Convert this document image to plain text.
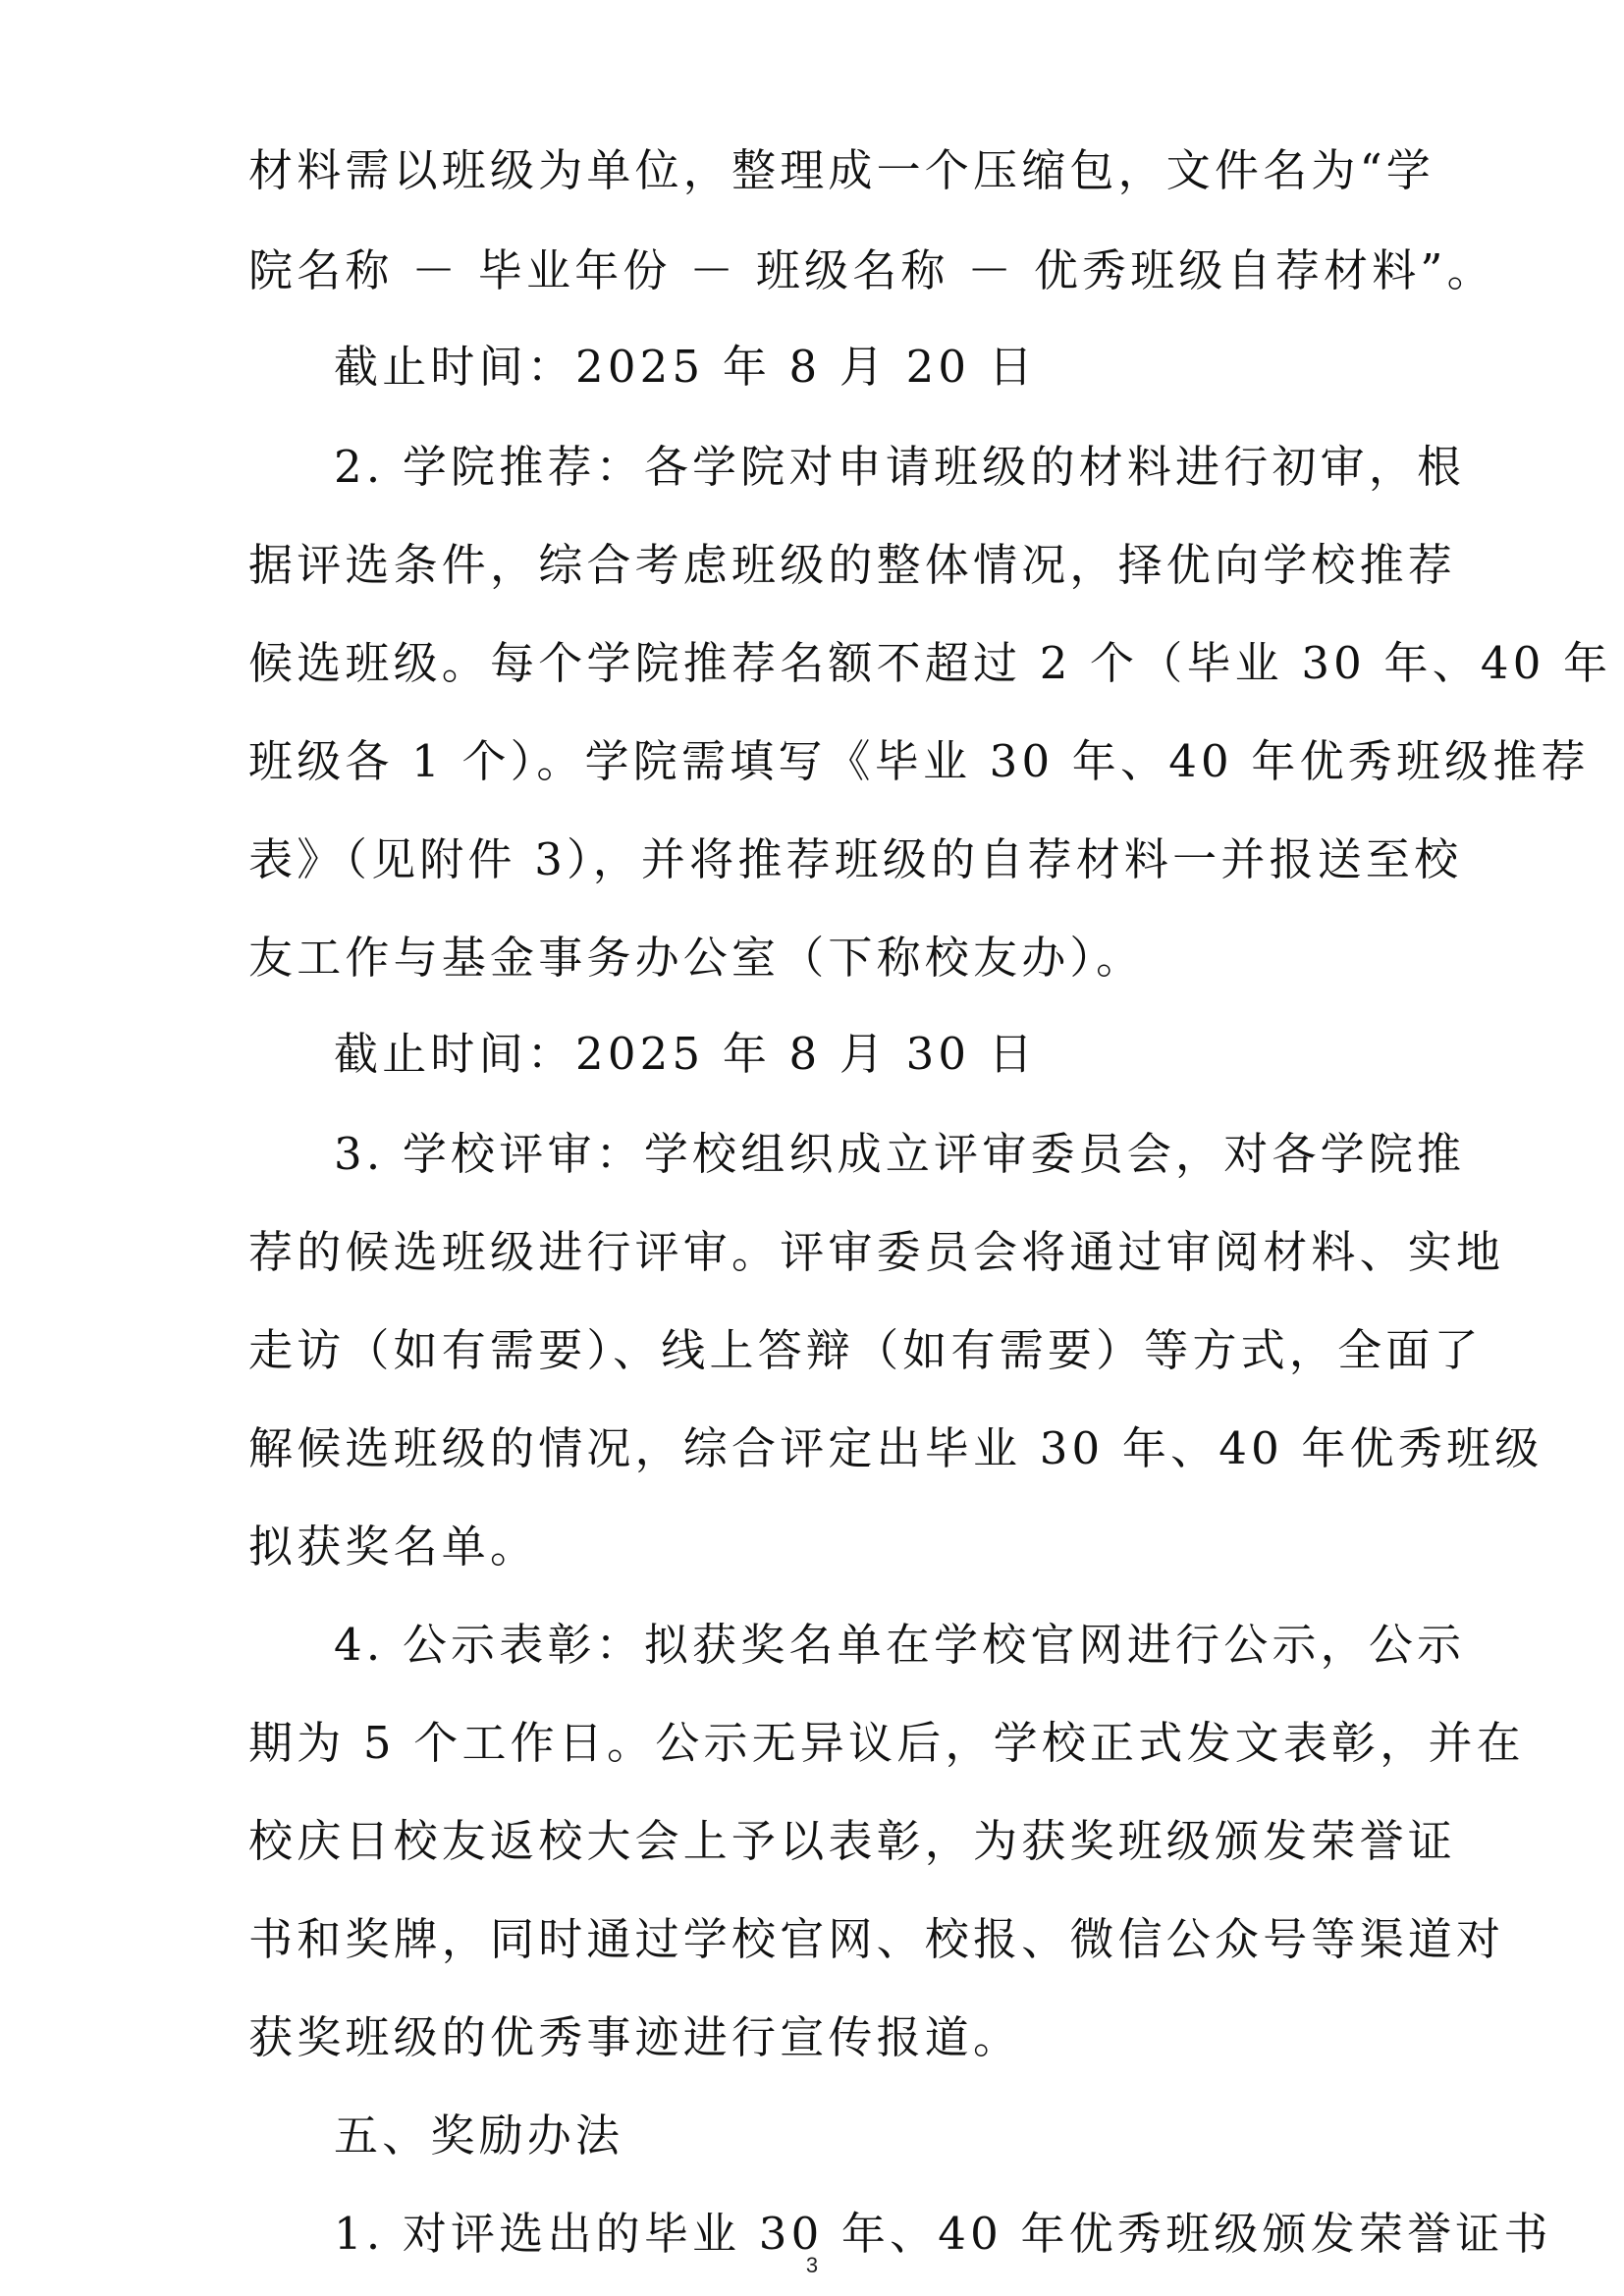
材料需以班级为单位，整理成一个压缩包，文件名为“学
院名称 － 毕业年份 － 班级名称 － 优秀班级自荐材料”。
截止时间：2025 年 8 月 20 日
2. 学院推荐：各学院对申请班级的材料进行初审，根
据评选条件，综合考虑班级的整体情况，择优向学校推荐
候选班级。每个学院推荐名额不超过 2 个（毕业 30 年、40 年
班级各 1 个）。学院需填写《毕业 30 年、40 年优秀班级推荐
表》（见附件 3），并将推荐班级的自荐材料一并报送至校
友工作与基金事务办公室（下称校友办）。
截止时间：2025 年 8 月 30 日
3. 学校评审：学校组织成立评审委员会，对各学院推
荐的候选班级进行评审。评审委员会将通过审阅材料、实地
走访（如有需要）、线上答辩（如有需要）等方式，全面了
解候选班级的情况，综合评定出毕业 30 年、40 年优秀班级
拟获奖名单。
4. 公示表彰：拟获奖名单在学校官网进行公示，公示
期为 5 个工作日。公示无异议后，学校正式发文表彰，并在
校庆日校友返校大会上予以表彰，为获奖班级颁发荣誉证
书和奖牌，同时通过学校官网、校报、微信公众号等渠道对
获奖班级的优秀事迹进行宣传报道。
五、奖励办法
1. 对评选出的毕业 30 年、40 年优秀班级颁发荣誉证书
3
